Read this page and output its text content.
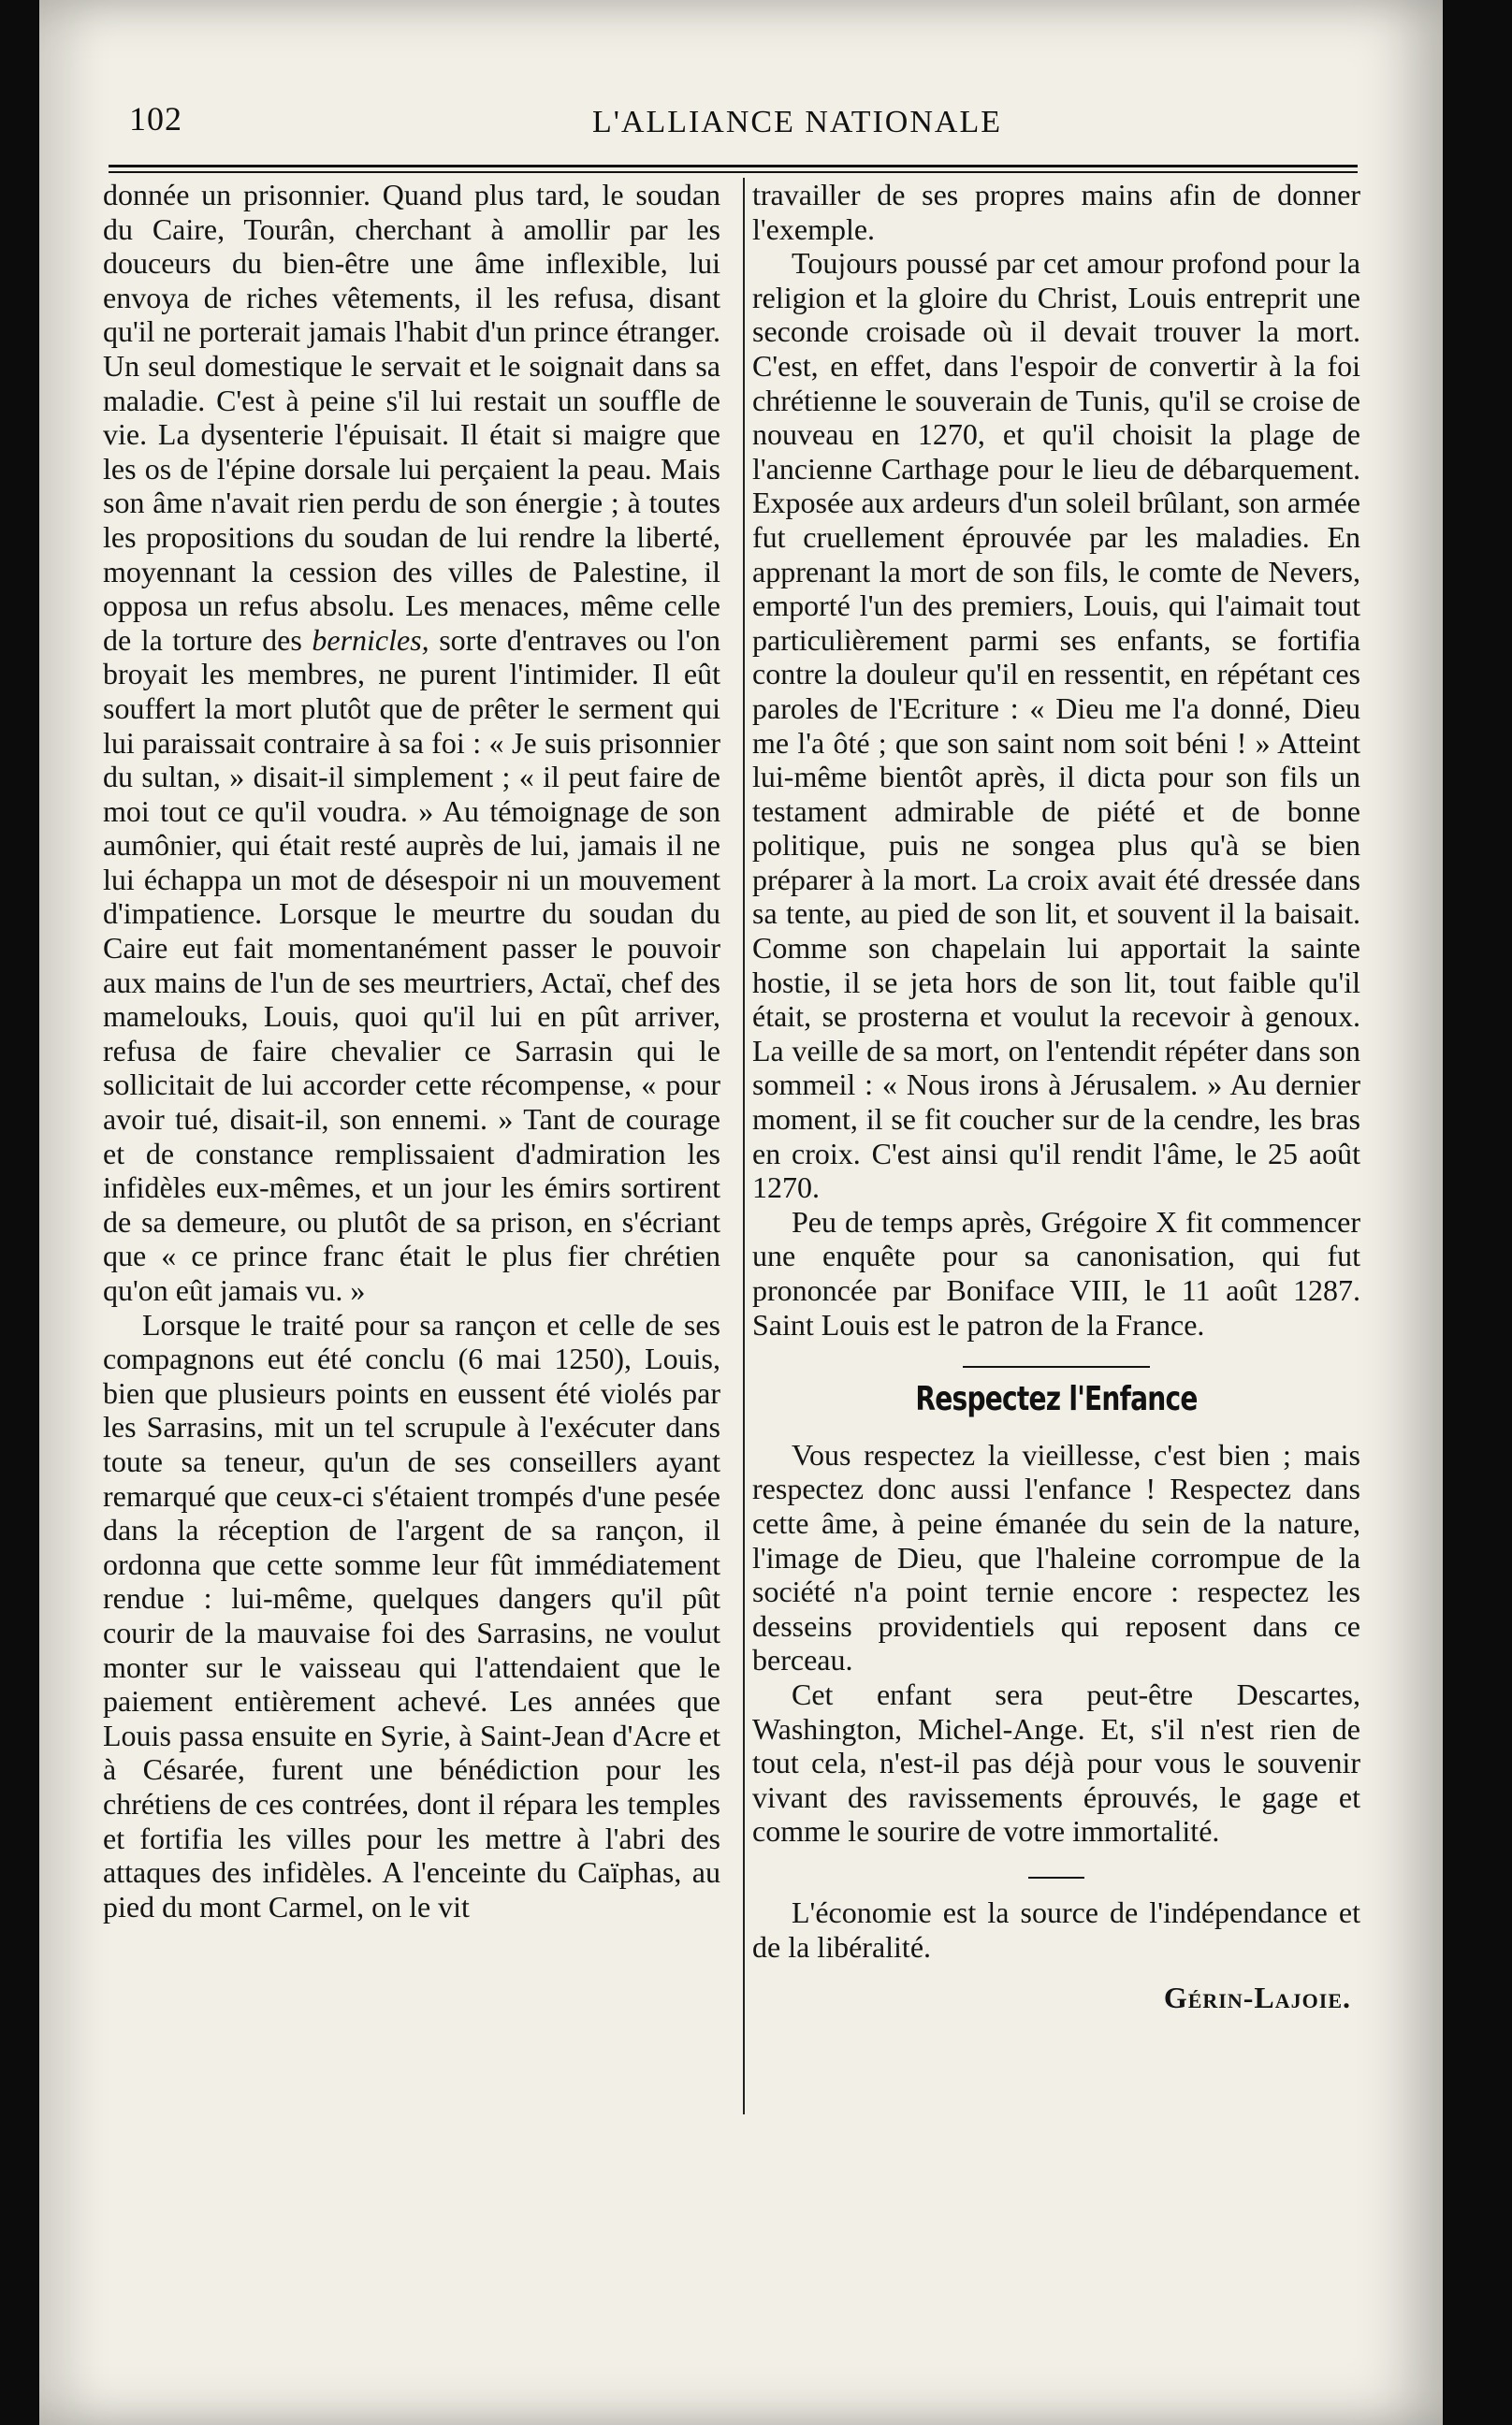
102	L'ALLIANCE NATIONALE

donnée un prisonnier. Quand plus tard, le soudan du Caire, Tourân, cherchant à amollir par les douceurs du bien-être une âme inflexible, lui envoya de riches vêtements, il les refusa, disant qu'il ne porterait jamais l'habit d'un prince étranger. Un seul domestique le servait et le soignait dans sa maladie. C'est à peine s'il lui restait un souffle de vie. La dysenterie l'épuisait. Il était si maigre que les os de l'épine dorsale lui perçaient la peau. Mais son âme n'avait rien perdu de son énergie ; à toutes les propositions du soudan de lui rendre la liberté, moyennant la cession des villes de Palestine, il opposa un refus absolu. Les menaces, même celle de la torture des bernicles, sorte d'entraves ou l'on broyait les membres, ne purent l'intimider. Il eût souffert la mort plutôt que de prêter le serment qui lui paraissait contraire à sa foi : « Je suis prisonnier du sultan, » disait-il simplement ; « il peut faire de moi tout ce qu'il voudra. » Au témoignage de son aumônier, qui était resté auprès de lui, jamais il ne lui échappa un mot de désespoir ni un mouvement d'impatience. Lorsque le meurtre du soudan du Caire eut fait momentanément passer le pouvoir aux mains de l'un de ses meurtriers, Actaï, chef des mamelouks, Louis, quoi qu'il lui en pût arriver, refusa de faire chevalier ce Sarrasin qui le sollicitait de lui accorder cette récompense, « pour avoir tué, disait-il, son ennemi. » Tant de courage et de constance remplissaient d'admiration les infidèles eux-mêmes, et un jour les émirs sortirent de sa demeure, ou plutôt de sa prison, en s'écriant que « ce prince franc était le plus fier chrétien qu'on eût jamais vu. »

Lorsque le traité pour sa rançon et celle de ses compagnons eut été conclu (6 mai 1250), Louis, bien que plusieurs points en eussent été violés par les Sarrasins, mit un tel scrupule à l'exécuter dans toute sa teneur, qu'un de ses conseillers ayant remarqué que ceux-ci s'étaient trompés d'une pesée dans la réception de l'argent de sa rançon, il ordonna que cette somme leur fût immédiatement rendue : lui-même, quelques dangers qu'il pût courir de la mauvaise foi des Sarrasins, ne voulut monter sur le vaisseau qui l'attendaient que le paiement entièrement achevé. Les années que Louis passa ensuite en Syrie, à Saint-Jean d'Acre et à Césarée, furent une bénédiction pour les chrétiens de ces contrées, dont il répara les temples et fortifia les villes pour les mettre à l'abri des attaques des infidèles. A l'enceinte du Caïphas, au pied du mont Carmel, on le vit

travailler de ses propres mains afin de donner l'exemple.

Toujours poussé par cet amour profond pour la religion et la gloire du Christ, Louis entreprit une seconde croisade où il devait trouver la mort. C'est, en effet, dans l'espoir de convertir à la foi chrétienne le souverain de Tunis, qu'il se croise de nouveau en 1270, et qu'il choisit la plage de l'ancienne Carthage pour le lieu de débarquement. Exposée aux ardeurs d'un soleil brûlant, son armée fut cruellement éprouvée par les maladies. En apprenant la mort de son fils, le comte de Nevers, emporté l'un des premiers, Louis, qui l'aimait tout particulièrement parmi ses enfants, se fortifia contre la douleur qu'il en ressentit, en répétant ces paroles de l'Ecriture : « Dieu me l'a donné, Dieu me l'a ôté ; que son saint nom soit béni ! » Atteint lui-même bientôt après, il dicta pour son fils un testament admirable de piété et de bonne politique, puis ne songea plus qu'à se bien préparer à la mort. La croix avait été dressée dans sa tente, au pied de son lit, et souvent il la baisait. Comme son chapelain lui apportait la sainte hostie, il se jeta hors de son lit, tout faible qu'il était, se prosterna et voulut la recevoir à genoux. La veille de sa mort, on l'entendit répéter dans son sommeil : « Nous irons à Jérusalem. » Au dernier moment, il se fit coucher sur de la cendre, les bras en croix. C'est ainsi qu'il rendit l'âme, le 25 août 1270.

Peu de temps après, Grégoire X fit commencer une enquête pour sa canonisation, qui fut prononcée par Boniface VIII, le 11 août 1287. Saint Louis est le patron de la France.

Respectez l'Enfance

Vous respectez la vieillesse, c'est bien ; mais respectez donc aussi l'enfance ! Respectez dans cette âme, à peine émanée du sein de la nature, l'image de Dieu, que l'haleine corrompue de la société n'a point ternie encore : respectez les desseins providentiels qui reposent dans ce berceau.

Cet enfant sera peut-être Descartes, Washington, Michel-Ange. Et, s'il n'est rien de tout cela, n'est-il pas déjà pour vous le souvenir vivant des ravissements éprouvés, le gage et comme le sourire de votre immortalité.

L'économie est la source de l'indépendance et de la libéralité.

Gérin-Lajoie.
